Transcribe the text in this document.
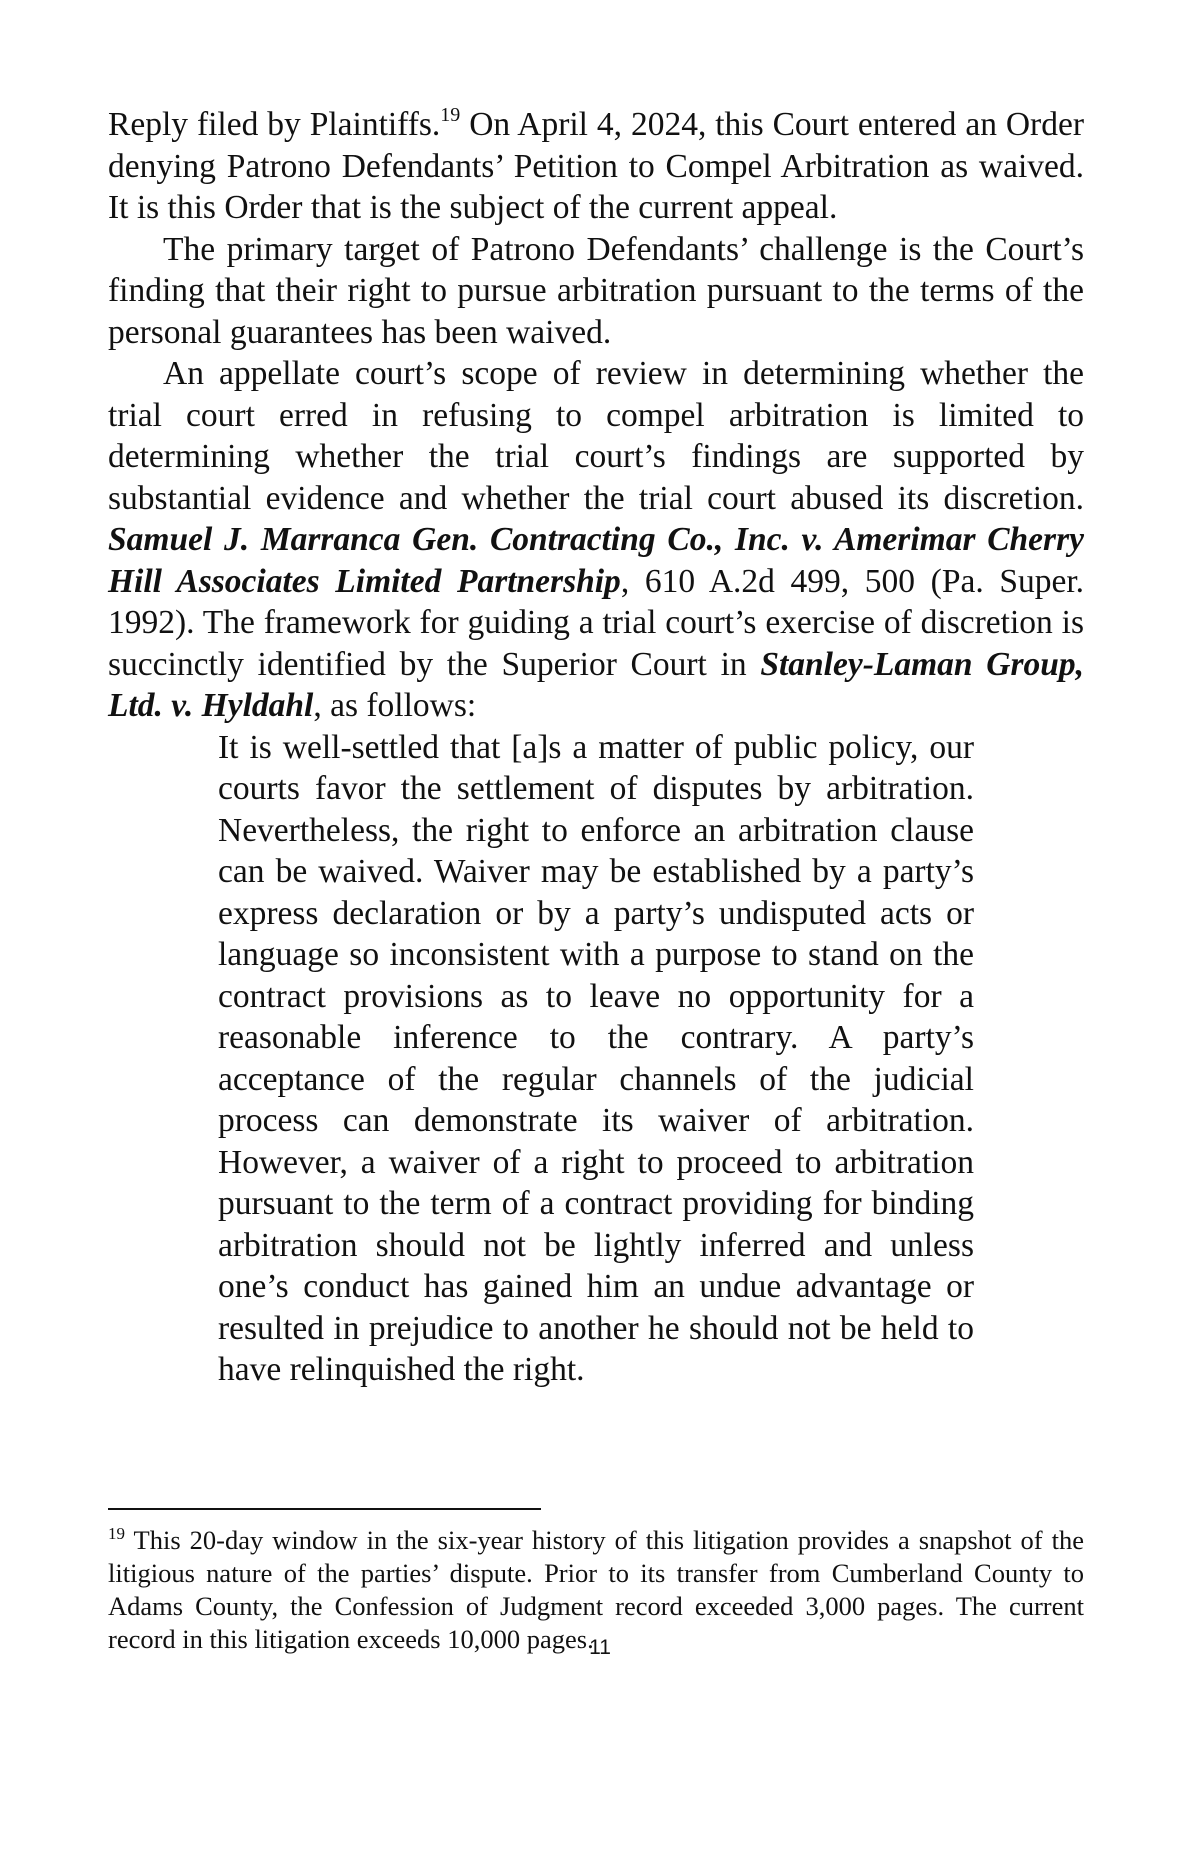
Reply filed by Plaintiffs.$^{19}$ On April 4, 2024, this Court entered an Order denying Patrono Defendants’ Petition to Compel Arbitration as waived. It is this Order that is the subject of the current appeal.

The primary target of Patrono Defendants’ challenge is the Court’s finding that their right to pursue arbitration pursuant to the terms of the personal guarantees has been waived.

An appellate court’s scope of review in determining whether the trial court erred in refusing to compel arbitration is limited to determining whether the trial court’s findings are supported by substantial evidence and whether the trial court abused its discretion. Samuel J. Marranca Gen. Contracting Co., Inc. v. Amerimar Cherry Hill Associates Limited Partnership, 610 A.2d 499, 500 (Pa. Super. 1992). The framework for guiding a trial court’s exercise of discretion is succinctly identified by the Superior Court in Stanley-Laman Group, Ltd. v. Hyldahl, as follows:

It is well-settled that [a]s a matter of public policy, our courts favor the settlement of disputes by arbitration. Nevertheless, the right to enforce an arbitration clause can be waived. Waiver may be established by a party’s express declaration or by a party’s undisputed acts or language so inconsistent with a purpose to stand on the contract provisions as to leave no opportunity for a reasonable inference to the contrary. A party’s acceptance of the regular channels of the judicial process can demonstrate its waiver of arbitration. However, a waiver of a right to proceed to arbitration pursuant to the term of a contract providing for binding arbitration should not be lightly inferred and unless one’s conduct has gained him an undue advantage or resulted in prejudice to another he should not be held to have relinquished the right.

$^{19}$ This 20-day window in the six-year history of this litigation provides a snapshot of the litigious nature of the parties’ dispute. Prior to its transfer from Cumberland County to Adams County, the Confession of Judgment record exceeded 3,000 pages. The current record in this litigation exceeds 10,000 pages.

11
